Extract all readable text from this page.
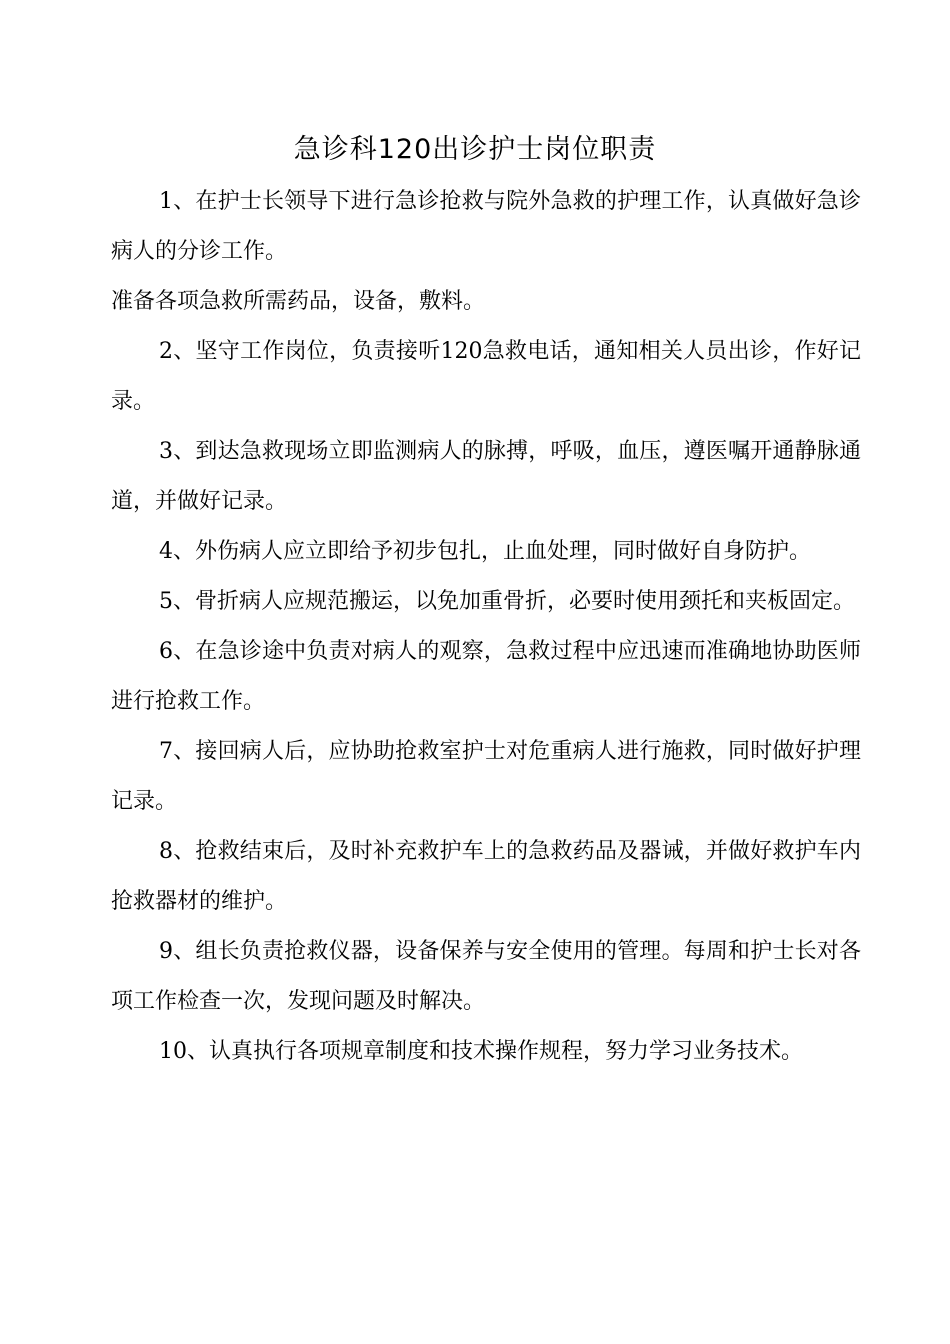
急诊科120出诊护士岗位职责

1、在护士长领导下进行急诊抢救与院外急救的护理工作，认真做好急诊病人的分诊工作。

准备各项急救所需药品，设备，敷料。

2、坚守工作岗位，负责接听120急救电话，通知相关人员出诊，作好记录。

3、到达急救现场立即监测病人的脉搏，呼吸，血压，遵医嘱开通静脉通道，并做好记录。

4、外伤病人应立即给予初步包扎，止血处理，同时做好自身防护。

5、骨折病人应规范搬运，以免加重骨折，必要时使用颈托和夹板固定。

6、在急诊途中负责对病人的观察，急救过程中应迅速而准确地协助医师进行抢救工作。

7、接回病人后，应协助抢救室护士对危重病人进行施救，同时做好护理记录。

8、抢救结束后，及时补充救护车上的急救药品及器诫，并做好救护车内抢救器材的维护。

9、组长负责抢救仪器，设备保养与安全使用的管理。每周和护士长对各项工作检查一次，发现问题及时解决。

10、认真执行各项规章制度和技术操作规程，努力学习业务技术。
